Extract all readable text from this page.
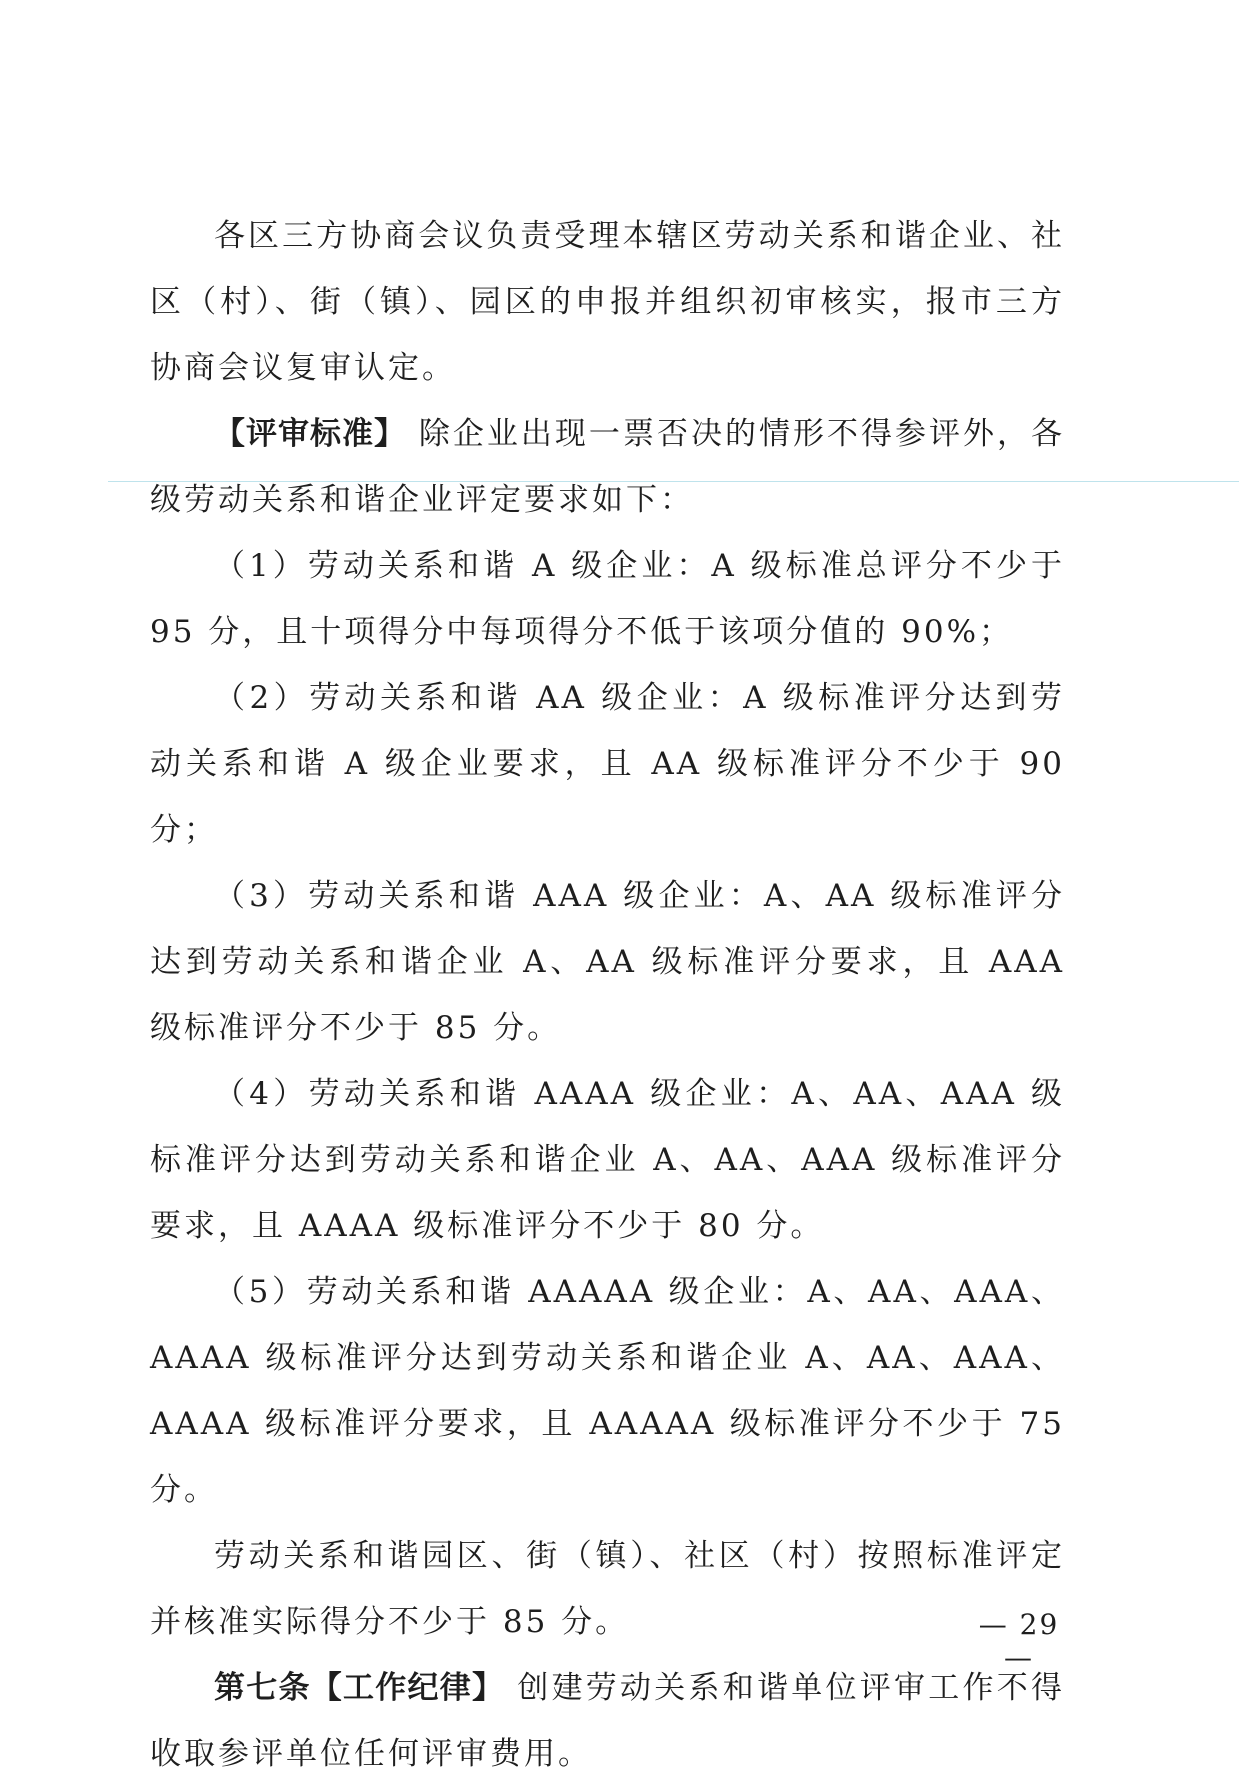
各区三方协商会议负责受理本辖区劳动关系和谐企业、社区（村）、街（镇）、园区的申报并组织初审核实，报市三方协商会议复审认定。

【评审标准】 除企业出现一票否决的情形不得参评外，各级劳动关系和谐企业评定要求如下：

（1）劳动关系和谐 A 级企业：A 级标准总评分不少于 95 分，且十项得分中每项得分不低于该项分值的 90%；

（2）劳动关系和谐 AA 级企业：A 级标准评分达到劳动关系和谐 A 级企业要求，且 AA 级标准评分不少于 90 分；

（3）劳动关系和谐 AAA 级企业：A、AA 级标准评分达到劳动关系和谐企业 A、AA 级标准评分要求，且 AAA 级标准评分不少于 85 分。

（4）劳动关系和谐 AAAA 级企业：A、AA、AAA 级标准评分达到劳动关系和谐企业 A、AA、AAA 级标准评分要求，且 AAAA 级标准评分不少于 80 分。

（5）劳动关系和谐 AAAAA 级企业：A、AA、AAA、AAAA 级标准评分达到劳动关系和谐企业 A、AA、AAA、AAAA 级标准评分要求，且 AAAAA 级标准评分不少于 75 分。

劳动关系和谐园区、街（镇）、社区（村）按照标准评定并核准实际得分不少于 85 分。

第七条【工作纪律】 创建劳动关系和谐单位评审工作不得收取参评单位任何评审费用。

— 29 —
